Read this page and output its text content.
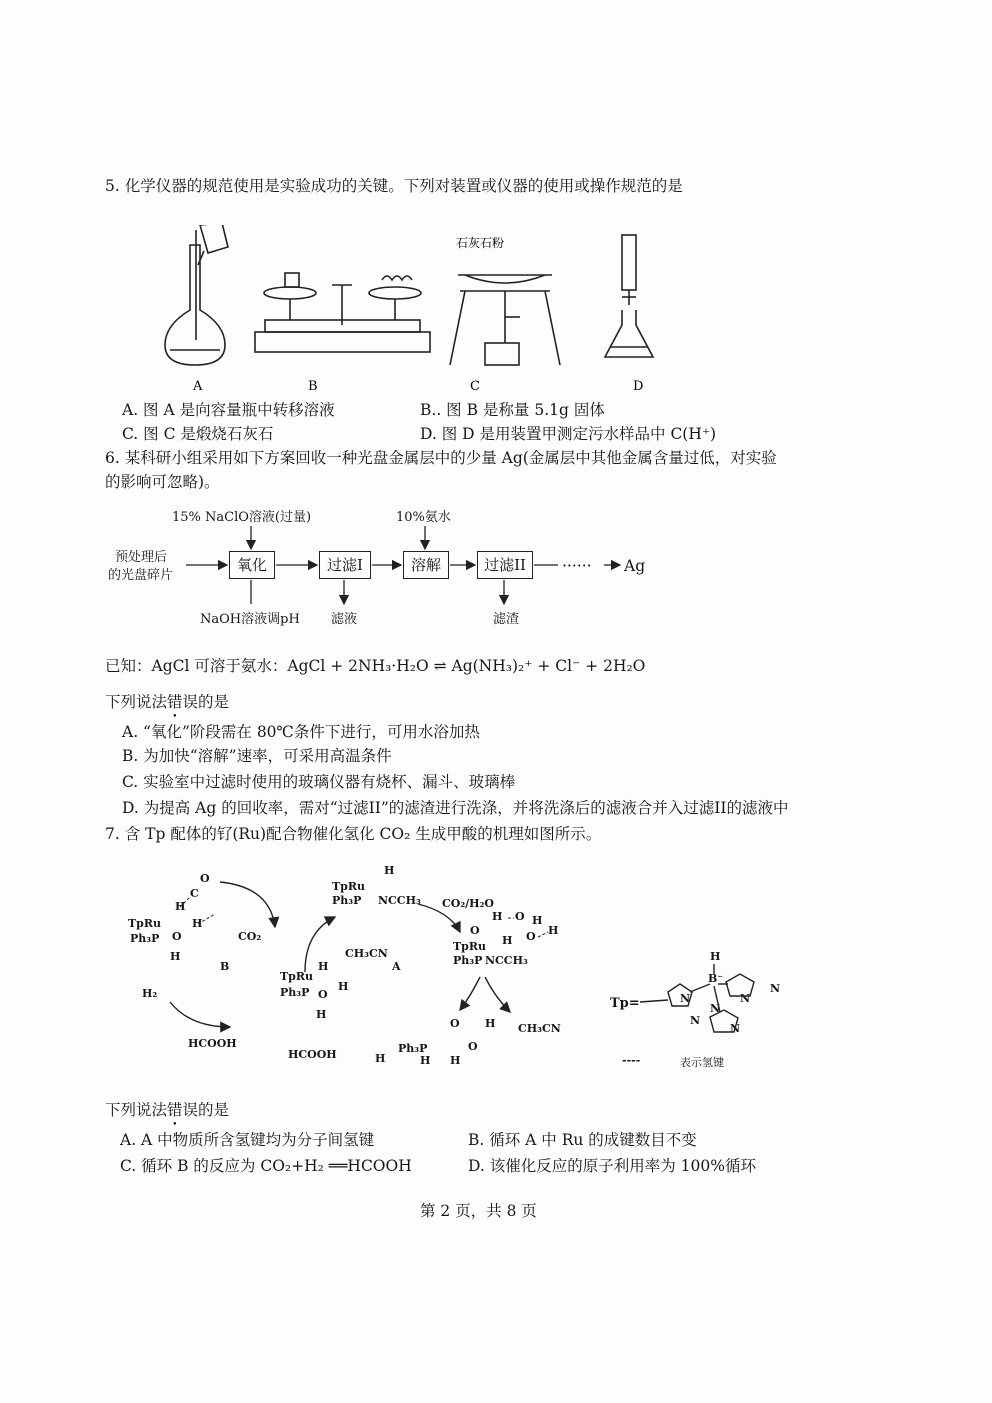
5. 化学仪器的规范使用是实验成功的关键。下列对装置或仪器的使用或操作规范的是
石灰石粉
A	B	C	D
A. 图 A 是向容量瓶中转移溶液	B.. 图 B 是称量 5.1g 固体
C. 图 C 是煅烧石灰石	D. 图 D 是用装置甲测定污水样品中 C(H⁺)
6. 某科研小组采用如下方案回收一种光盘金属层中的少量 Ag(金属层中其他金属含量过低，对实验
的影响可忽略)。
15% NaClO溶液(过量)	10%氨水
预处理后
的光盘碎片
氧化	过滤I	溶解	过滤II	······ Ag
NaOH溶液调pH 滤液	滤渣
已知：AgCl 可溶于氨水：AgCl + 2NH₃·H₂O ⇌ Ag(NH₃)₂⁺ + Cl⁻ + 2H₂O
下列说法错误的是
A. “氧化”阶段需在 80℃条件下进行，可用水浴加热
B. 为加快“溶解”速率，可采用高温条件
C. 实验室中过滤时使用的玻璃仪器有烧杯、漏斗、玻璃棒
D. 为提高 Ag 的回收率，需对“过滤II”的滤渣进行洗涤，并将洗涤后的滤液合并入过滤II的滤液中
7. 含 Tp 配体的钌(Ru)配合物催化氢化 CO₂ 生成甲酸的机理如图所示。
TpRu
Ph₃P
H
C
O
H
O
H
CO₂
B
H₂
HCOOH
TpRu
Ph₃P
H
O
H
H
HCOOH
H
TpRu
Ph₃P NCCH₃
CH₃CN
A
CO₂/H₂O
H O
O
H
TpRu
Ph₃P NCCH₃
H O H
O H CH₃CN
H
Ph₃P
H H
O
H
B⁻
Tp=	N
N
N
N
N
N
----	表示氢键
下列说法错误的是
A. A 中物质所含氢键均为分子间氢键	B. 循环 A 中 Ru 的成键数目不变
C. 循环 B 的反应为 CO₂+H₂ ══HCOOH	D. 该催化反应的原子利用率为 100%循环
第 2 页，共 8 页
